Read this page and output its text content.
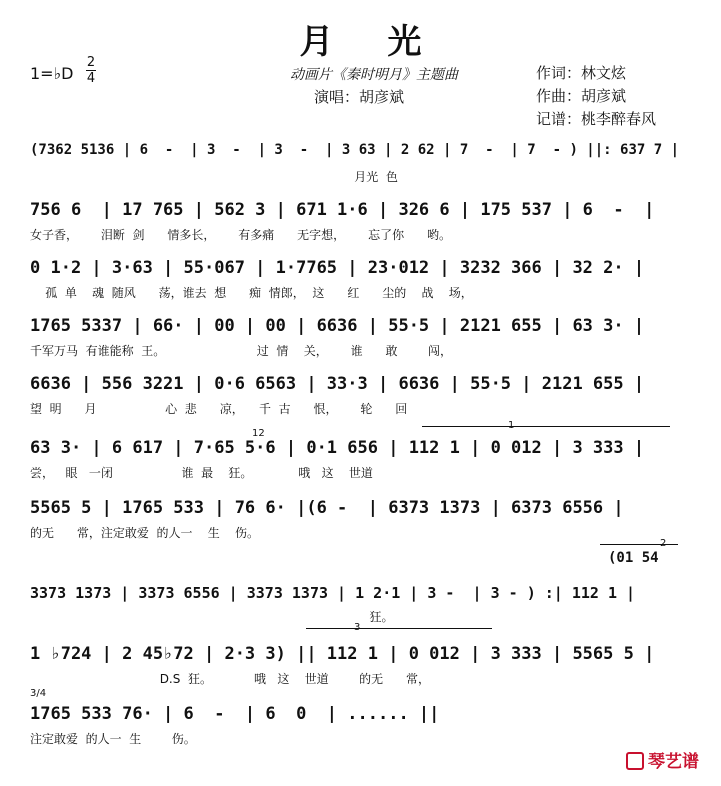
月光
1=♭D
2
4	动画片《秦时明月》主题曲
演唱：胡彦斌
作词：林文炫
作曲：胡彦斌
记谱：桃李醉春风
(7362 5136 | 6  -  | 3  -  | 3  -  | 3 63 | 2 62 | 7  -  | 7  - ) ||: 637 7 |
月光  色
756 6  | 17 765 | 562 3 | 671 1·6 | 326 6 | 175 537 | 6  -  |
女子香，      泪断  剑      情多长，      有多痛      无字想，      忘了你      哟。
0 1·2 | 3·63 | 55·067 | 1·7765 | 23·012 | 3232 366 | 32 2· |
孤  单    魂  随风      荡，谁去  想      痴  情郎，  这      红      尘的    战    场，
1765 5337 | 66· | 00 | 00 | 6636 | 55·5 | 2121 655 | 63 3· |
千军万马  有谁能称  王。                        过  情    关，      谁      敢        闯，
6636 | 556 3221 | 0·6 6563 | 33·3 | 6636 | 55·5 | 2121 655 |
望  明      月                  心  悲      凉，    千  古      恨，      轮      回
1
12
63 3· | 6 617 | 7·65 5·6 | 0·1 656 | 112 1 | 0 012 | 3 333 |
尝，   眼   一闭                  谁  最    狂。            哦   这    世道
5565 5 | 1765 533 | 76 6· |(6 -  | 6373 1373 | 6373 6556 |
的无      常，注定敢爱  的人一    生    伤。
2
(01 54
3373 1373 | 3373 6556 | 3373 1373 | 1 2·1 | 3 -  | 3 - ) :| 112 1 |
狂。
3
1 ♭724 | 2 45♭72 | 2·3 3) || 112 1 | 0 012 | 3 333 | 5565 5 |
D.S  狂。           哦   这    世道        的无      常，
3/4
1765 533 76· | 6  -  | 6  0  | ...... ||
注定敢爱  的人一  生        伤。
琴艺谱
